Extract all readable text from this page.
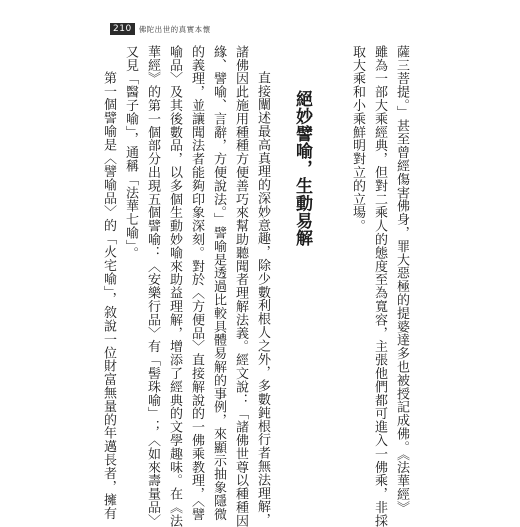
210 佛陀出世的真實本懷
薩三菩提。」甚至曾經傷害佛身，罪大惡極的提婆達多也被授記成佛。《法華經》
雖為一部大乘經典，但對二乘人的態度至為寬容，主張他們都可進入一佛乘，非採
取大乘和小乘鮮明對立的立場。
絕妙譬喻，生動易解
直接闡述最高真理的深妙意趣，除少數利根人之外，多數鈍根行者無法理解，
諸佛因此施用種種方便善巧來幫助聽聞者理解法義。經文說：「諸佛世尊以種種因
緣、譬喻、言辭，方便說法。」譬喻是透過比較具體易解的事例，來顯示抽象隱微
的義理，並讓聞法者能夠印象深刻。對於〈方便品〉直接解說的一佛乘教理，〈譬
喻品〉及其後數品，以多個生動妙喻來助益理解，增添了經典的文學趣味。在《法
華經》的第一個部分出現五個譬喻：〈安樂行品〉有「髻珠喻」；〈如來壽量品〉
又見「醫子喻」，通稱「法華七喻」。
第一個譬喻是〈譬喻品〉的「火宅喻」，敘說一位財富無量的年邁長者，擁有
